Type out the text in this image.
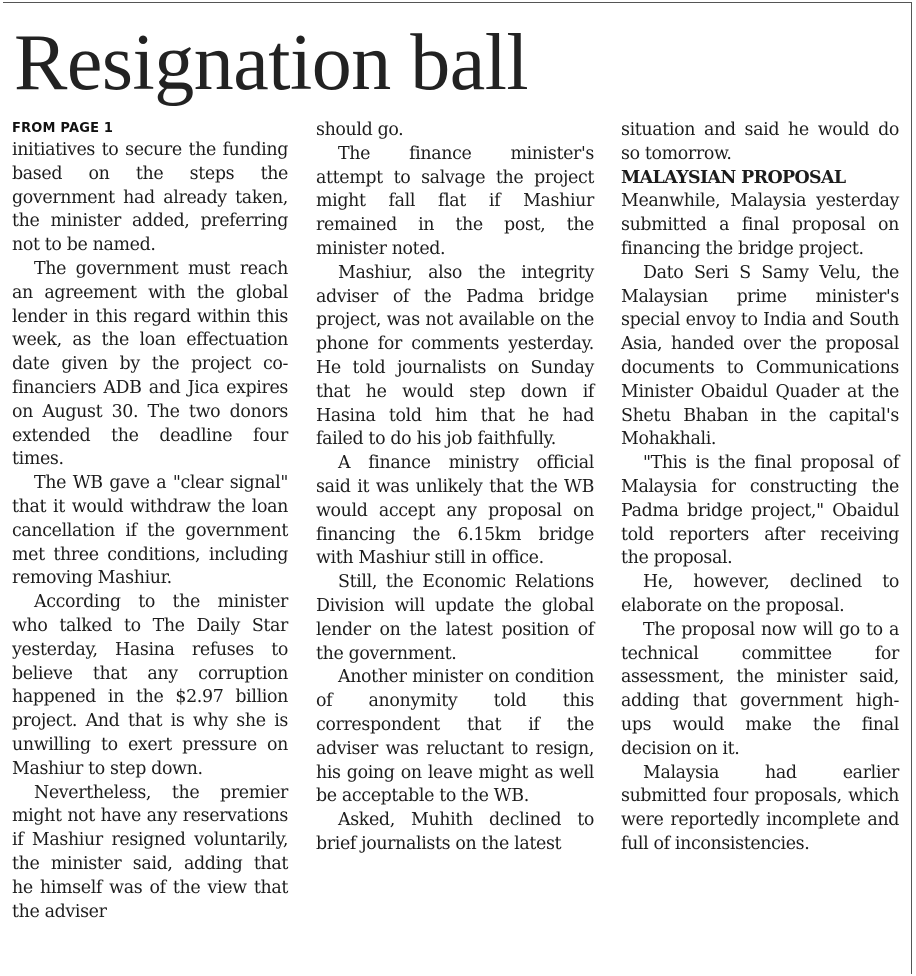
Resignation ball
FROM PAGE 1

initiatives to secure the funding based on the steps the government had already taken, the minister added, preferring not to be named.

The government must reach an agreement with the global lender in this regard within this week, as the loan effectuation date given by the project co-financiers ADB and Jica expires on August 30. The two donors extended the deadline four times.

The WB gave a "clear signal" that it would withdraw the loan cancellation if the government met three conditions, including removing Mashiur.

According to the minister who talked to The Daily Star yesterday, Hasina refuses to believe that any corruption happened in the $2.97 billion project. And that is why she is unwilling to exert pressure on Mashiur to step down.

Nevertheless, the premier might not have any reservations if Mashiur resigned voluntarily, the minister said, adding that he himself was of the view that the adviser

should go.

The finance minister's attempt to salvage the project might fall flat if Mashiur remained in the post, the minister noted.

Mashiur, also the integrity adviser of the Padma bridge project, was not available on the phone for comments yesterday. He told journalists on Sunday that he would step down if Hasina told him that he had failed to do his job faithfully.

A finance ministry official said it was unlikely that the WB would accept any proposal on financing the 6.15km bridge with Mashiur still in office.

Still, the Economic Relations Division will update the global lender on the latest position of the government.

Another minister on condition of anonymity told this correspondent that if the adviser was reluctant to resign, his going on leave might as well be acceptable to the WB.

Asked, Muhith declined to brief journalists on the latest

situation and said he would do so tomorrow.

MALAYSIAN PROPOSAL

Meanwhile, Malaysia yesterday submitted a final proposal on financing the bridge project.

Dato Seri S Samy Velu, the Malaysian prime minister's special envoy to India and South Asia, handed over the proposal documents to Communications Minister Obaidul Quader at the Shetu Bhaban in the capital's Mohakhali.

"This is the final proposal of Malaysia for constructing the Padma bridge project," Obaidul told reporters after receiving the proposal.

He, however, declined to elaborate on the proposal.

The proposal now will go to a technical committee for assessment, the minister said, adding that government high-ups would make the final decision on it.

Malaysia had earlier submitted four proposals, which were reportedly incomplete and full of inconsistencies.
